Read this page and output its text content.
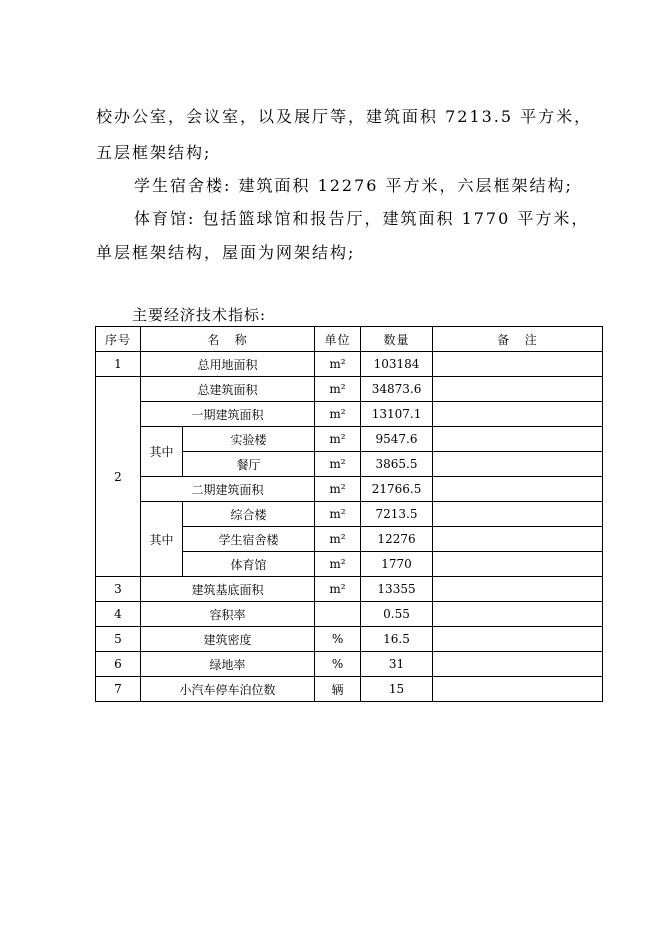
校办公室，会议室，以及展厅等，建筑面积 7213.5 平方米，
五层框架结构;
学生宿舍楼: 建筑面积 12276 平方米，六层框架结构;
体育馆: 包括篮球馆和报告厅，建筑面积 1770 平方米，
单层框架结构，屋面为网架结构;
主要经济技术指标:
序号	名   称		单位	数量	备   注
1	总用地面积		m²	103184	
2	总建筑面积		m²	34873.6	
	一期建筑面积		m²	13107.1	
	其中	实验楼	m²	9547.6	
		餐厅	m²	3865.5	
	二期建筑面积		m²	21766.5	
	其中	综合楼	m²	7213.5	
		学生宿舍楼	m²	12276	
		体育馆	m²	1770	
3	建筑基底面积		m²	13355	
4	容积率			0.55	
5	建筑密度		%	16.5	
6	绿地率		%	31	
7	小汽车停车泊位数		辆	15	
